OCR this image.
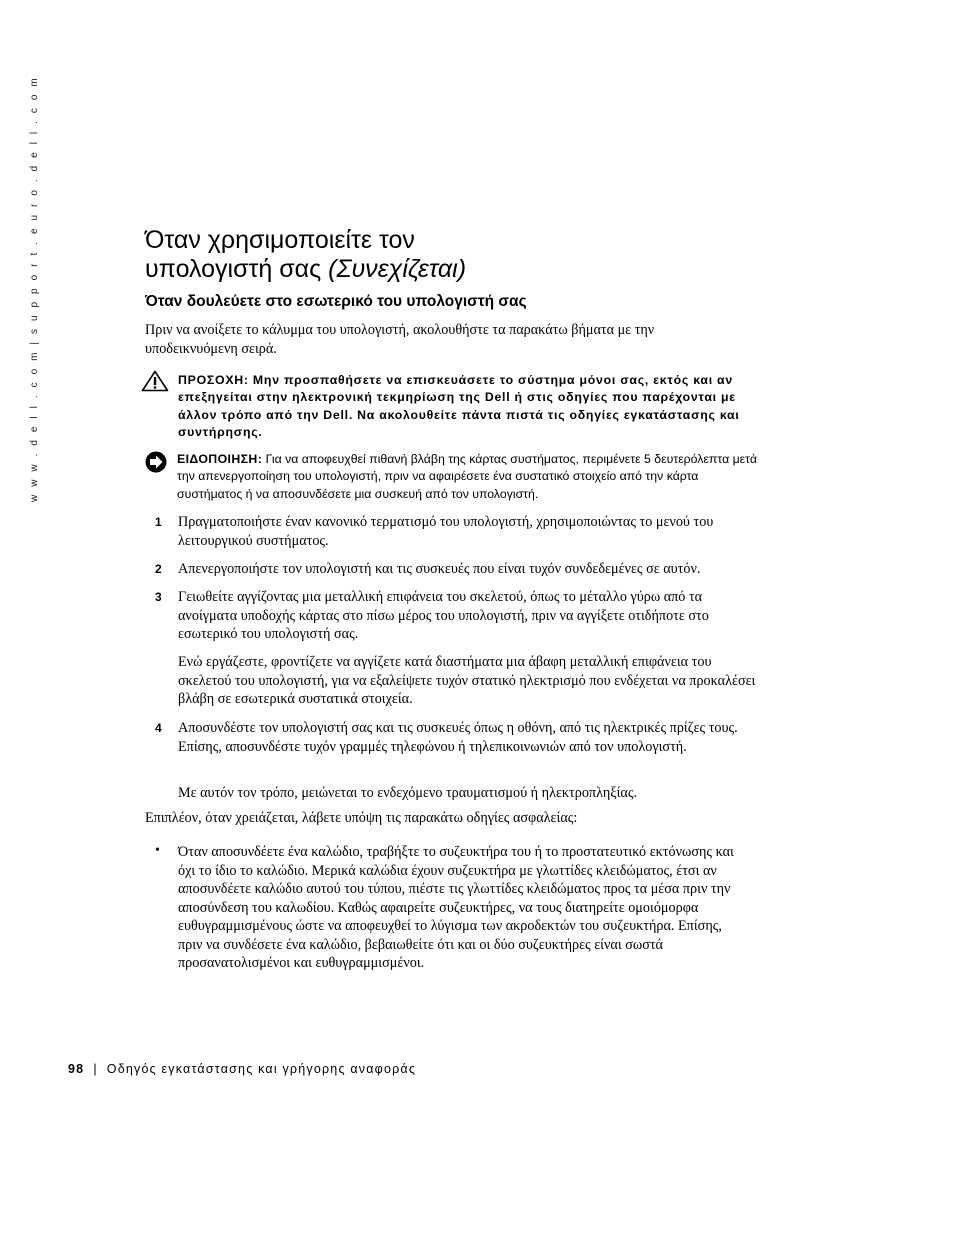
w w w . d e l l . c o m | s u p p o r t . e u r o . d e l l . c o m	Όταν χρησιμοποιείτε τον
υπολογιστή σας (Συνεχίζεται)
Όταν δουλεύετε στο εσωτερικό του υπολογιστή σας

Πριν να ανοίξετε το κάλυμμα του υπολογιστή, ακολουθήστε τα παρακάτω βήματα με την υποδεικνυόμενη σειρά.

ΠΡΟΣΟΧΗ: Μην προσπαθήσετε να επισκευάσετε το σύστημα μόνοι σας, εκτός και αν επεξηγείται στην ηλεκτρονική τεκμηρίωση της Dell ή στις οδηγίες που παρέχονται με άλλον τρόπο από την Dell. Να ακολουθείτε πάντα πιστά τις οδηγίες εγκατάστασης και συντήρησης.
ΕΙΔΟΠΟΙΗΣΗ: Για να αποφευχθεί πιθανή βλάβη της κάρτας συστήματος, περιμένετε 5 δευτερόλεπτα μετά την απενεργοποίηση του υπολογιστή, πριν να αφαιρέσετε ένα συστατικό στοιχείο από την κάρτα συστήματος ή να αποσυνδέσετε μια συσκευή από τον υπολογιστή.
1 Πραγματοποιήστε έναν κανονικό τερματισμό του υπολογιστή, χρησιμοποιώντας το μενού του λειτουργικού συστήματος.

2 Απενεργοποιήστε τον υπολογιστή και τις συσκευές που είναι τυχόν συνδεδεμένες σε αυτόν.

3 Γειωθείτε αγγίζοντας μια μεταλλική επιφάνεια του σκελετού, όπως το μέταλλο γύρω από τα ανοίγματα υποδοχής κάρτας στο πίσω μέρος του υπολογιστή, πριν να αγγίξετε οτιδήποτε στο εσωτερικό του υπολογιστή σας.

Ενώ εργάζεστε, φροντίζετε να αγγίζετε κατά διαστήματα μια άβαφη μεταλλική επιφάνεια του σκελετού του υπολογιστή, για να εξαλείψετε τυχόν στατικό ηλεκτρισμό που ενδέχεται να προκαλέσει βλάβη σε εσωτερικά συστατικά στοιχεία.

4 Αποσυνδέστε τον υπολογιστή σας και τις συσκευές όπως η οθόνη, από τις ηλεκτρικές πρίζες τους. Επίσης, αποσυνδέστε τυχόν γραμμές τηλεφώνου ή τηλεπικοινωνιών από τον υπολογιστή.

Με αυτόν τον τρόπο, μειώνεται το ενδεχόμενο τραυματισμού ή ηλεκτροπληξίας.

Επιπλέον, όταν χρειάζεται, λάβετε υπόψη τις παρακάτω οδηγίες ασφαλείας:

• Όταν αποσυνδέετε ένα καλώδιο, τραβήξτε το συζευκτήρα του ή το προστατευτικό εκτόνωσης και όχι το ίδιο το καλώδιο. Μερικά καλώδια έχουν συζευκτήρα με γλωττίδες κλειδώματος, έτσι αν αποσυνδέετε καλώδιο αυτού του τύπου, πιέστε τις γλωττίδες κλειδώματος προς τα μέσα πριν την αποσύνδεση του καλωδίου. Καθώς αφαιρείτε συζευκτήρες, να τους διατηρείτε ομοιόμορφα ευθυγραμμισμένους ώστε να αποφευχθεί το λύγισμα των ακροδεκτών του συζευκτήρα. Επίσης, πριν να συνδέσετε ένα καλώδιο, βεβαιωθείτε ότι και οι δύο συζευκτήρες είναι σωστά προσανατολισμένοι και ευθυγραμμισμένοι.

98 | Οδηγός εγκατάστασης και γρήγορης αναφοράς
